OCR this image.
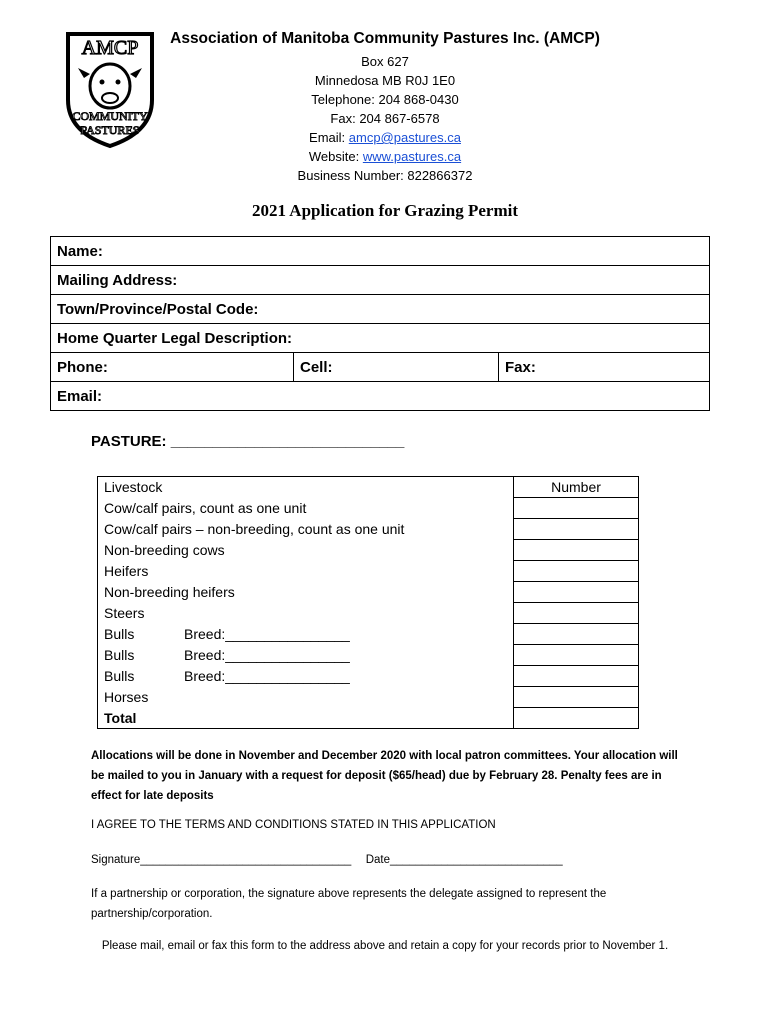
AMCP
COMMUNITY
PASTURES
Association of Manitoba Community Pastures Inc. (AMCP)
Box 627
Minnedosa MB R0J 1E0
Telephone: 204 868-0430
Fax: 204 867-6578
Email: amcp@pastures.ca
Website: www.pastures.ca
Business Number: 822866372
2021 Application for Grazing Permit
Name:
Mailing Address:
Town/Province/Postal Code:
Home Quarter Legal Description:
Phone:	Cell:	Fax:
Email:
PASTURE: ____________________________
Livestock	Number
Cow/calf pairs, count as one unit	
Cow/calf pairs – non-breeding, count as one unit	
Non-breeding cows	
Heifers	
Non-breeding heifers	
Steers	
Bulls Breed:________________	
Bulls Breed:________________	
Bulls Breed:________________	
Horses	
Total	
Allocations will be done in November and December 2020 with local patron committees. Your allocation will be mailed to you in January with a request for deposit ($65/head) due by February 28. Penalty fees are in effect for late deposits
I AGREE TO THE TERMS AND CONDITIONS STATED IN THIS APPLICATION
Signature_________________________________ Date___________________________
If a partnership or corporation, the signature above represents the delegate assigned to represent the partnership/corporation.
Please mail, email or fax this form to the address above and retain a copy for your records prior to November 1.
